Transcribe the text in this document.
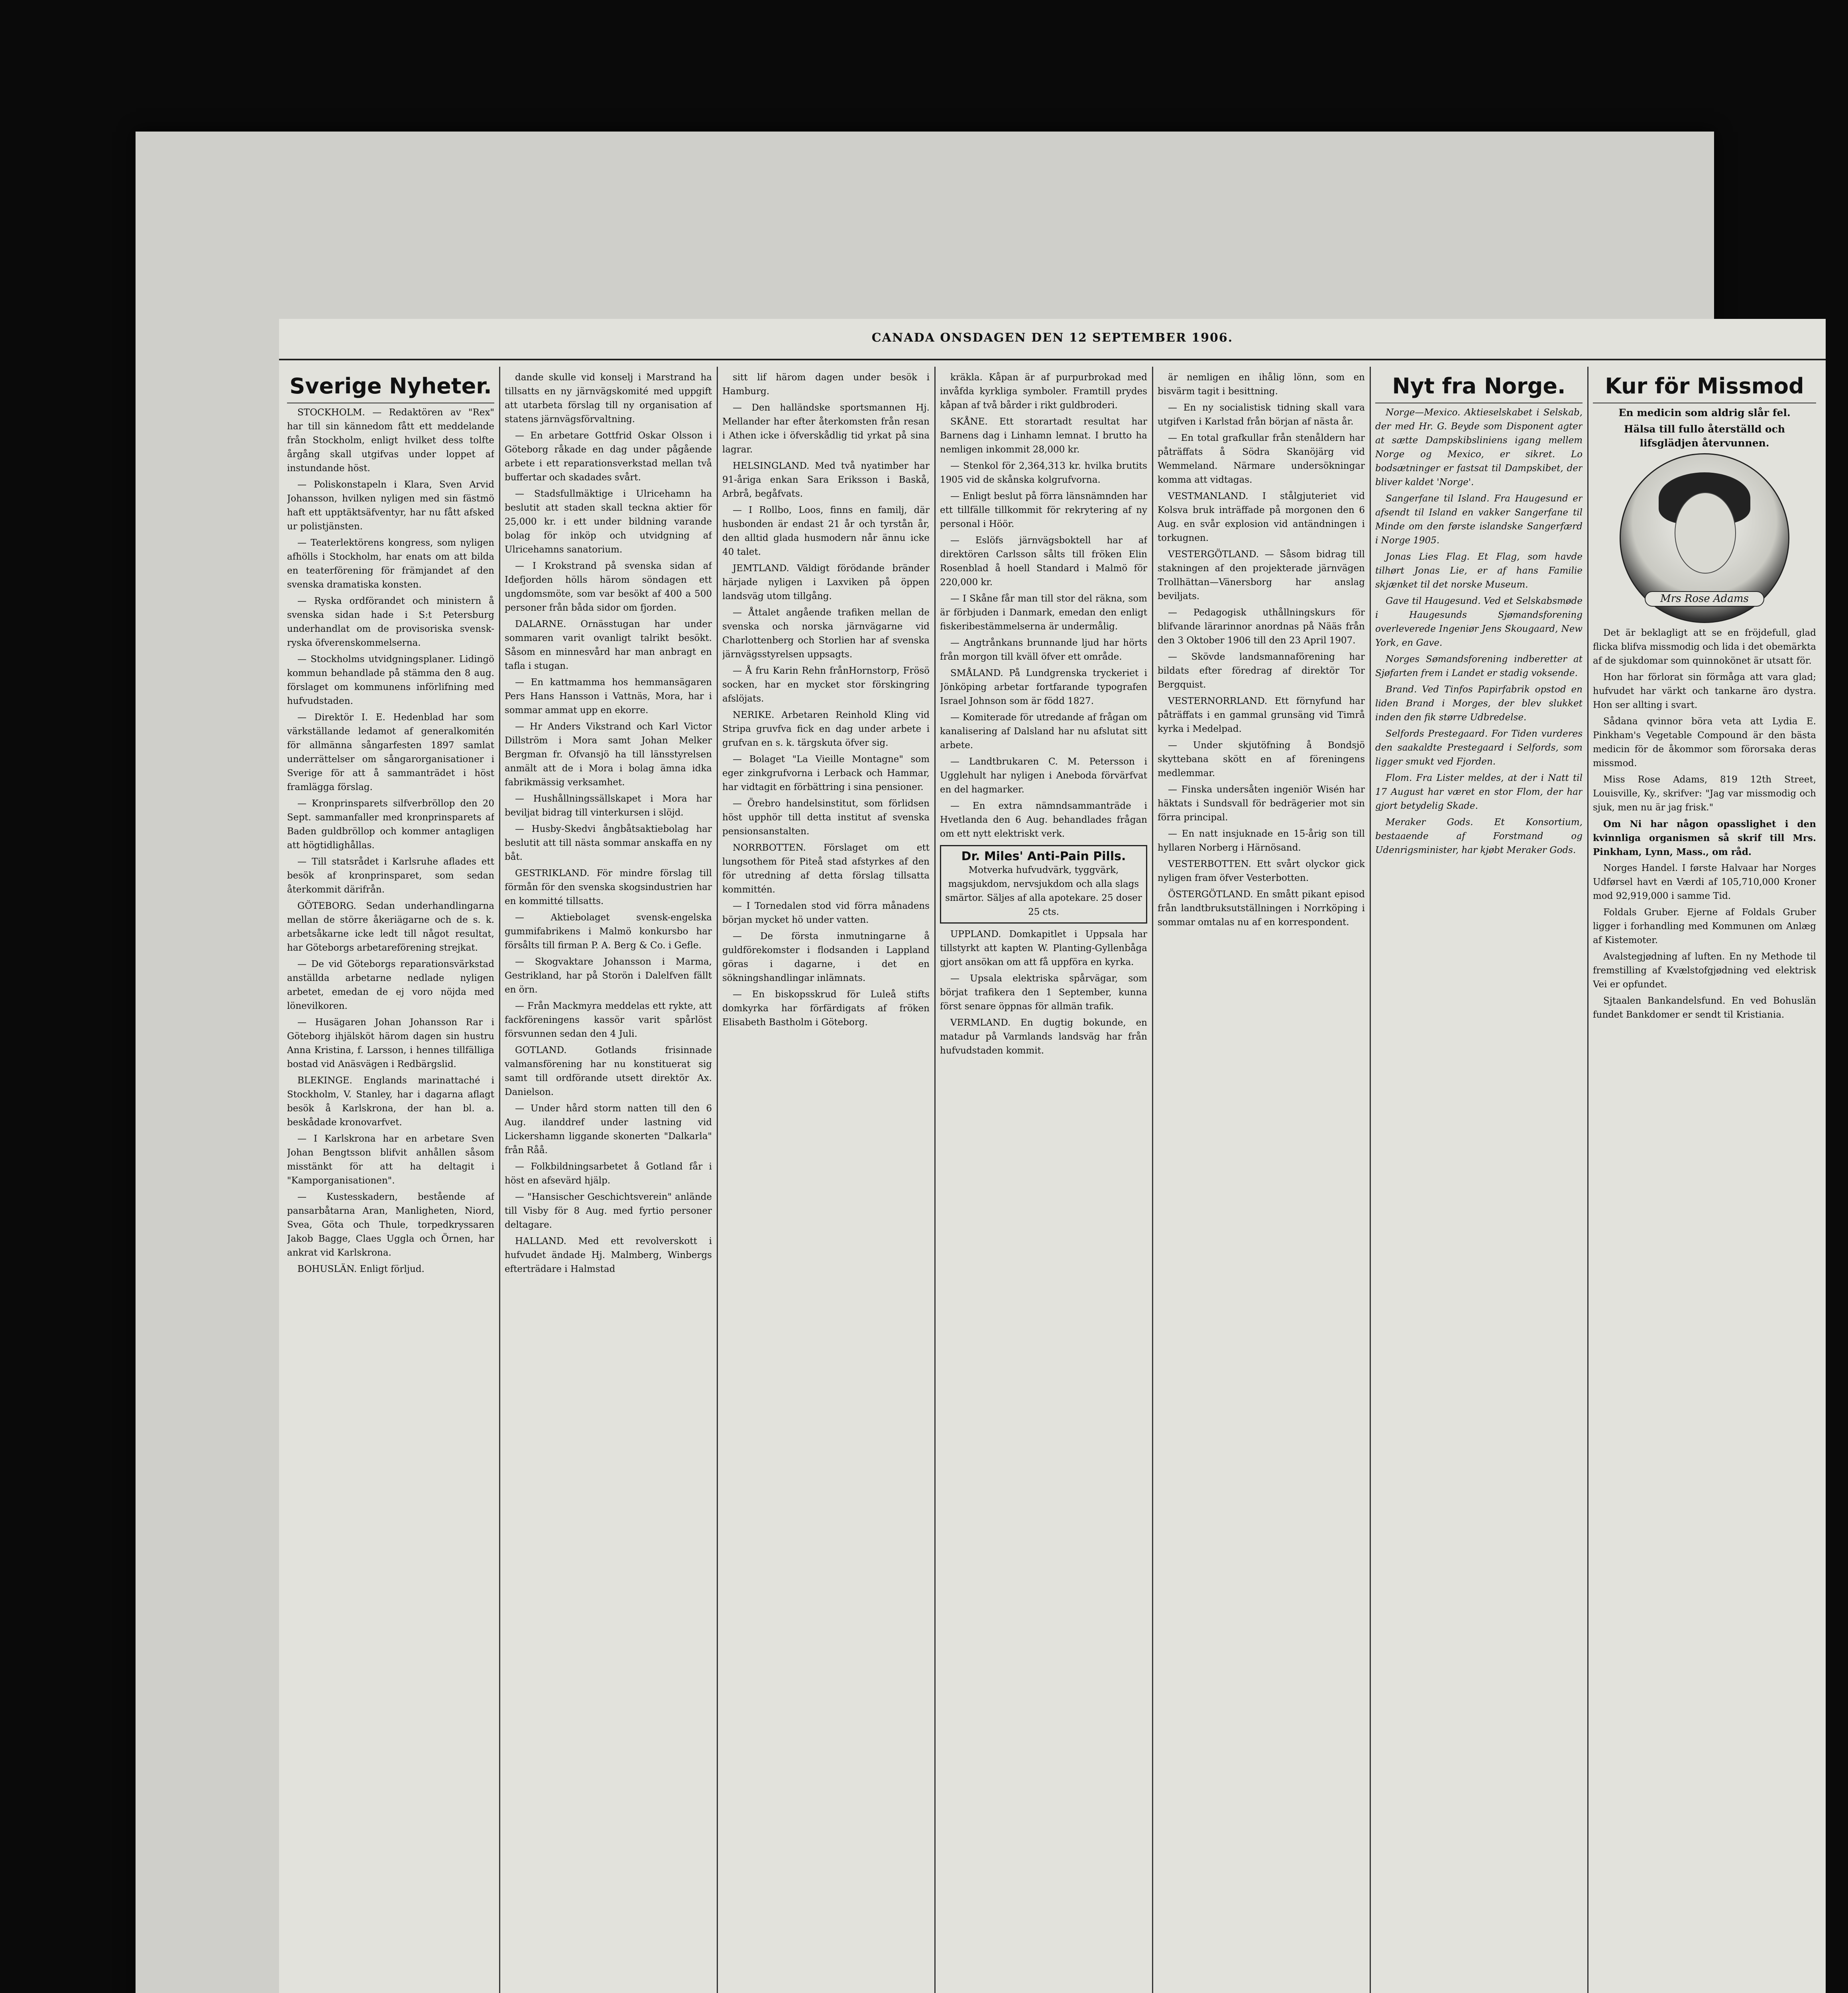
CANADA ONSDAGEN DEN 12 SEPTEMBER 1906.
Sverige Nyheter.

STOCKHOLM. — Redaktören av "Rex" har till sin kännedom fått ett meddelande från Stockholm, enligt hvilket dess tolfte årgång skall utgifvas under loppet af instundande höst.

— Poliskonstapeln i Klara, Sven Arvid Johansson, hvilken nyligen med sin fästmö haft ett upptäktsäfventyr, har nu fått afsked ur polistjänsten.

— Teaterlektörens kongress, som nyligen afhölls i Stockholm, har enats om att bilda en teaterförening för främjandet af den svenska dramatiska konsten.

— Ryska ordförandet och ministern å svenska sidan hade i S:t Petersburg underhandlat om de provisoriska svensk-ryska öfverenskommelserna.

— Stockholms utvidgningsplaner. Lidingö kommun behandlade på stämma den 8 aug. förslaget om kommunens införlifning med hufvudstaden.

— Direktör I. E. Hedenblad har som värkställande ledamot af generalkomitén för allmänna sångarfesten 1897 samlat underrättelser om sångarorganisationer i Sverige för att å sammanträdet i höst framlägga förslag.

— Kronprinsparets silfverbröllop den 20 Sept. sammanfaller med kronprinsparets af Baden guldbröllop och kommer antagligen att högtidlighållas.

— Till statsrådet i Karlsruhe aflades ett besök af kronprinsparet, som sedan återkommit därifrån.

GÖTEBORG. Sedan underhandlingarna mellan de större åkeriägarne och de s. k. arbetsåkarne icke ledt till något resultat, har Göteborgs arbetareförening strejkat.

— De vid Göteborgs reparationsvärkstad anställda arbetarne nedlade nyligen arbetet, emedan de ej voro nöjda med lönevilkoren.

— Husägaren Johan Johansson Rar i Göteborg ihjälsköt härom dagen sin hustru Anna Kristina, f. Larsson, i hennes tillfälliga bostad vid Anäsvägen i Redbärgslid.

BLEKINGE. Englands marinattaché i Stockholm, V. Stanley, har i dagarna aflagt besök å Karlskrona, der han bl. a. beskådade kronovarfvet.

— I Karlskrona har en arbetare Sven Johan Bengtsson blifvit anhållen såsom misstänkt för att ha deltagit i "Kamporganisationen".

— Kustesskadern, bestående af pansarbåtarna Aran, Manligheten, Niord, Svea, Göta och Thule, torpedkryssaren Jakob Bagge, Claes Uggla och Örnen, har ankrat vid Karlskrona.

BOHUSLÄN. Enligt förljud.

dande skulle vid konselj i Marstrand ha tillsatts en ny järnvägskomité med uppgift att utarbeta förslag till ny organisation af statens järnvägsförvaltning.

— En arbetare Gottfrid Oskar Olsson i Göteborg råkade en dag under pågående arbete i ett reparationsverkstad mellan två buffertar och skadades svårt.

— Stadsfullmäktige i Ulricehamn ha beslutit att staden skall teckna aktier för 25,000 kr. i ett under bildning varande bolag för inköp och utvidgning af Ulricehamns sanatorium.

— I Krokstrand på svenska sidan af Idefjorden hölls härom söndagen ett ungdomsmöte, som var besökt af 400 a 500 personer från båda sidor om fjorden.

DALARNE. Ornässtugan har under sommaren varit ovanligt talrikt besökt. Såsom en minnesvård har man anbragt en tafla i stugan.

— En kattmamma hos hemmansägaren Pers Hans Hansson i Vattnäs, Mora, har i sommar ammat upp en ekorre.

— Hr Anders Vikstrand och Karl Victor Dillström i Mora samt Johan Melker Bergman fr. Ofvansjö ha till länsstyrelsen anmält att de i Mora i bolag ämna idka fabrikmässig verksamhet.

— Hushållningssällskapet i Mora har beviljat bidrag till vinterkursen i slöjd.

— Husby-Skedvi ångbåtsaktiebolag har beslutit att till nästa sommar anskaffa en ny båt.

GESTRIKLAND. För mindre förslag till förmån för den svenska skogsindustrien har en kommitté tillsatts.

— Aktiebolaget svensk-engelska gummifabrikens i Malmö konkursbo har försålts till firman P. A. Berg & Co. i Gefle.

— Skogvaktare Johansson i Marma, Gestrikland, har på Storön i Dalelfven fällt en örn.

— Från Mackmyra meddelas ett rykte, att fackföreningens kassör varit spårlöst försvunnen sedan den 4 Juli.

GOTLAND. Gotlands frisinnade valmansförening har nu konstituerat sig samt till ordförande utsett direktör Ax. Danielson.

— Under hård storm natten till den 6 Aug. ilanddref under lastning vid Lickershamn liggande skonerten "Dalkarla" från Råå.

— Folkbildningsarbetet å Gotland får i höst en afsevärd hjälp.

— "Hansischer Geschichtsverein" anlände till Visby för 8 Aug. med fyrtio personer deltagare.

HALLAND. Med ett revolverskott i hufvudet ändade Hj. Malmberg, Winbergs efterträdare i Halmstad

sitt lif härom dagen under besök i Hamburg.

— Den halländske sportsmannen Hj. Mellander har efter återkomsten från resan i Athen icke i öfverskådlig tid yrkat på sina lagrar.

HELSINGLAND. Med två nyatimber har 91-åriga enkan Sara Eriksson i Baskå, Arbrå, begåfvats.

— I Rollbo, Loos, finns en familj, där husbonden är endast 21 år och tyrstån år, den alltid glada husmodern når ännu icke 40 talet.

JEMTLAND. Väldigt förödande bränder härjade nyligen i Laxviken på öppen landsväg utom tillgång.

— Åttalet angående trafiken mellan de svenska och norska järnvägarne vid Charlottenberg och Storlien har af svenska järnvägsstyrelsen uppsagts.

— Å fru Karin Rehn frånHornstorp, Frösö socken, har en mycket stor förskingring afslöjats.

NERIKE. Arbetaren Reinhold Kling vid Stripa gruvfva fick en dag under arbete i grufvan en s. k. tärgskuta öfver sig.

— Bolaget "La Vieille Montagne" som eger zinkgrufvorna i Lerback och Hammar, har vidtagit en förbättring i sina pensioner.

— Örebro handelsinstitut, som förlidsen höst upphör till detta institut af svenska pensionsanstalten.

NORRBOTTEN. Förslaget om ett lungsothem för Piteå stad afstyrkes af den för utredning af detta förslag tillsatta kommittén.

— I Tornedalen stod vid förra månadens början mycket hö under vatten.

— De första inmutningarne å guldförekomster i flodsanden i Lappland göras i dagarne, i det en sökningshandlingar inlämnats.

— En biskopsskrud för Luleå stifts domkyrka har förfärdigats af fröken Elisabeth Bastholm i Göteborg.

kräkla. Kåpan är af purpurbrokad med invåfda kyrkliga symboler. Framtill prydes kåpan af två bårder i rikt guldbroderi.

SKÅNE. Ett storartadt resultat har Barnens dag i Linhamn lemnat. I brutto ha nemligen inkommit 28,000 kr.

— Stenkol för 2,364,313 kr. hvilka brutits 1905 vid de skånska kolgrufvorna.

— Enligt beslut på förra länsnämnden har ett tillfälle tillkommit för rekrytering af ny personal i Höör.

— Eslöfs järnvägsboktell har af direktören Carlsson sålts till fröken Elin Rosenblad å hoell Standard i Malmö för 220,000 kr.

— I Skåne får man till stor del räkna, som är förbjuden i Danmark, emedan den enligt fiskeribestämmelserna är undermålig.

— Angtrånkans brunnande ljud har hörts från morgon till kväll öfver ett område.

SMÅLAND. På Lundgrenska tryckeriet i Jönköping arbetar fortfarande typografen Israel Johnson som är född 1827.

— Komiterade för utredande af frågan om kanalisering af Dalsland har nu afslutat sitt arbete.

— Landtbrukaren C. M. Petersson i Ugglehult har nyligen i Aneboda förvärfvat en del hagmarker.

— En extra nämndsammanträde i Hvetlanda den 6 Aug. behandlades frågan om ett nytt elektriskt verk.

Dr. Miles' Anti-Pain Pills.
Motverka hufvudvärk, tyggvärk, magsjukdom, nervsjukdom och alla slags smärtor. Säljes af alla apotekare. 25 doser 25 cts.

UPPLAND. Domkapitlet i Uppsala har tillstyrkt att kapten W. Planting-Gyllenbåga gjort ansökan om att få uppföra en kyrka.

— Upsala elektriska spårvägar, som börjat trafikera den 1 September, kunna först senare öppnas för allmän trafik.

VERMLAND. En dugtig bokunde, en matadur på Varmlands landsväg har från hufvudstaden kommit.

är nemligen en ihålig lönn, som en bisvärm tagit i besittning.

— En ny socialistisk tidning skall vara utgifven i Karlstad från början af nästa år.

— En total grafkullar från stenåldern har påträffats å Södra Skanöjärg vid Wemmeland. Närmare undersökningar komma att vidtagas.

VESTMANLAND. I stålgjuteriet vid Kolsva bruk inträffade på morgonen den 6 Aug. en svår explosion vid antändningen i torkugnen.

VESTERGÖTLAND. — Såsom bidrag till stakningen af den projekterade järnvägen Trollhättan—Vänersborg har anslag beviljats.

— Pedagogisk uthållningskurs för blifvande lärarinnor anordnas på Nääs från den 3 Oktober 1906 till den 23 April 1907.

— Skövde landsmannaförening har bildats efter föredrag af direktör Tor Bergquist.

VESTERNORRLAND. Ett förnyfund har påträffats i en gammal grunsäng vid Timrå kyrka i Medelpad.

— Under skjutöfning å Bondsjö skyttebana skött en af föreningens medlemmar.

— Finska undersåten ingeniör Wisén har häktats i Sundsvall för bedrägerier mot sin förra principal.

— En natt insjuknade en 15-årig son till hyllaren Norberg i Härnösand.

VESTERBOTTEN. Ett svårt olyckor gick nyligen fram öfver Vesterbotten.

ÖSTERGÖTLAND. En smått pikant episod från landtbruksutställningen i Norrköping i sommar omtalas nu af en korrespondent.

Nyt fra Norge.

Norge—Mexico. Aktieselskabet i Selskab, der med Hr. G. Beyde som Disponent agter at sætte Dampskibsliniens igang mellem Norge og Mexico, er sikret. Lo bodsætninger er fastsat til Dampskibet, der bliver kaldet 'Norge'.

Sangerfane til Island. Fra Haugesund er afsendt til Island en vakker Sangerfane til Minde om den første islandske Sangerfærd i Norge 1905.

Jonas Lies Flag. Et Flag, som havde tilhørt Jonas Lie, er af hans Familie skjænket til det norske Museum.

Gave til Haugesund. Ved et Selskabsmøde i Haugesunds Sjømandsforening overleverede Ingeniør Jens Skougaard, New York, en Gave.

Norges Sømandsforening indberetter at Sjøfarten frem i Landet er stadig voksende.

Brand. Ved Tinfos Papirfabrik opstod en liden Brand i Morges, der blev slukket inden den fik større Udbredelse.

Selfords Prestegaard. For Tiden vurderes den saakaldte Prestegaard i Selfords, som ligger smukt ved Fjorden.

Flom. Fra Lister meldes, at der i Natt til 17 August har været en stor Flom, der har gjort betydelig Skade.

Meraker Gods. Et Konsortium, bestaaende af Forstmand og Udenrigsminister, har kjøbt Meraker Gods.

Kur för Missmod
En medicin som aldrig slår fel.
Hälsa till fullo återställd och lifsglädjen återvunnen.
Mrs Rose Adams

Det är beklagligt att se en fröjdefull, glad flicka blifva missmodig och lida i det obemärkta af de sjukdomar som quinnokönet är utsatt för.

Hon har förlorat sin förmåga att vara glad; hufvudet har värkt och tankarne äro dystra. Hon ser allting i svart.

Sådana qvinnor böra veta att Lydia E. Pinkham's Vegetable Compound är den bästa medicin för de åkommor som förorsaka deras missmod.

Miss Rose Adams, 819 12th Street, Louisville, Ky., skrifver: "Jag var missmodig och sjuk, men nu är jag frisk."

Om Ni har någon opasslighet i den kvinnliga organismen så skrif till Mrs. Pinkham, Lynn, Mass., om råd.

Norges Handel. I første Halvaar har Norges Udførsel havt en Værdi af 105,710,000 Kroner mod 92,919,000 i samme Tid.

Foldals Gruber. Ejerne af Foldals Gruber ligger i forhandling med Kommunen om Anlæg af Kistemoter.

Avalstegjødning af luften. En ny Methode til fremstilling af Kvælstofgjødning ved elektrisk Vei er opfundet.

Sjtaalen Bankandelsfund. En ved Bohuslän fundet Bankdomer er sendt til Kristiania.
